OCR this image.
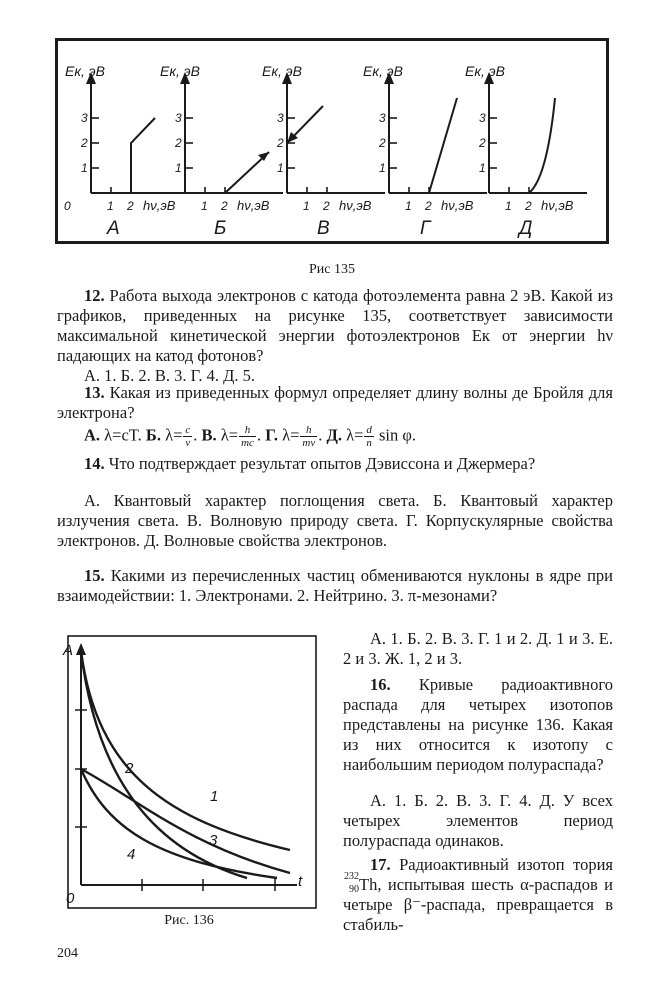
Eк, эВ	Eк, эВ	Eк, эВ	Eк, эВ	Eк, эВ
1
2
3
1
2
3
1
2
3
1
2
3
1
2
3
0	1 2	1 2	1 2	1 2	1 2
hν,эВ	hν,эВ	hν,эВ	hν,эВ	hν,эВ
А	Б	В	Г	Д
Рис 135

12. Работа выхода электронов с катода фотоэлемента равна 2 эВ. Какой из графиков, приведенных на рисунке 135, соответствует зависимости максимальной кинетической энергии фотоэлектронов Eк от энергии hν падающих на катод фотонов?

А. 1. Б. 2. В. 3. Г. 4. Д. 5.

13. Какая из приведенных формул определяет длину волны де Бройля для электрона?

А. λ=cT. Б. $\lambda= \frac{c}{\nu}$ . В. $\lambda= \frac{h}{mc}$ . Г. $\lambda= \frac{h}{mv}$ . Д. $\lambda= \frac{d}{n}$ sin φ.

14. Что подтверждает результат опытов Дэвиссона и Джермера?

А. Квантовый характер поглощения света. Б. Квантовый характер излучения света. В. Волновую природу света. Г. Корпускулярные свойства электронов. Д. Волновые свойства электронов.

15. Какими из перечисленных частиц обмениваются нуклоны в ядре при взаимодействии: 1. Электронами. 2. Нейтрино. 3. π-мезонами?

A
t
0
1
2
3
4
Рис. 136

А. 1. Б. 2. В. 3. Г. 1 и 2. Д. 1 и 3. Е. 2 и 3. Ж. 1, 2 и 3.

16. Кривые радиоактивного распада для четырех изотопов представлены на рисунке 136. Какая из них относится к изотопу с наибольшим периодом полураспада?

А. 1. Б. 2. В. 3. Г. 4. Д. У всех четырех элементов период полураспада одинаков.

17. Радиоактивный изотоп тория
232
90 Th, испытывая шесть α-распадов и четыре β⁻-распада, превращается в стабиль-

204
